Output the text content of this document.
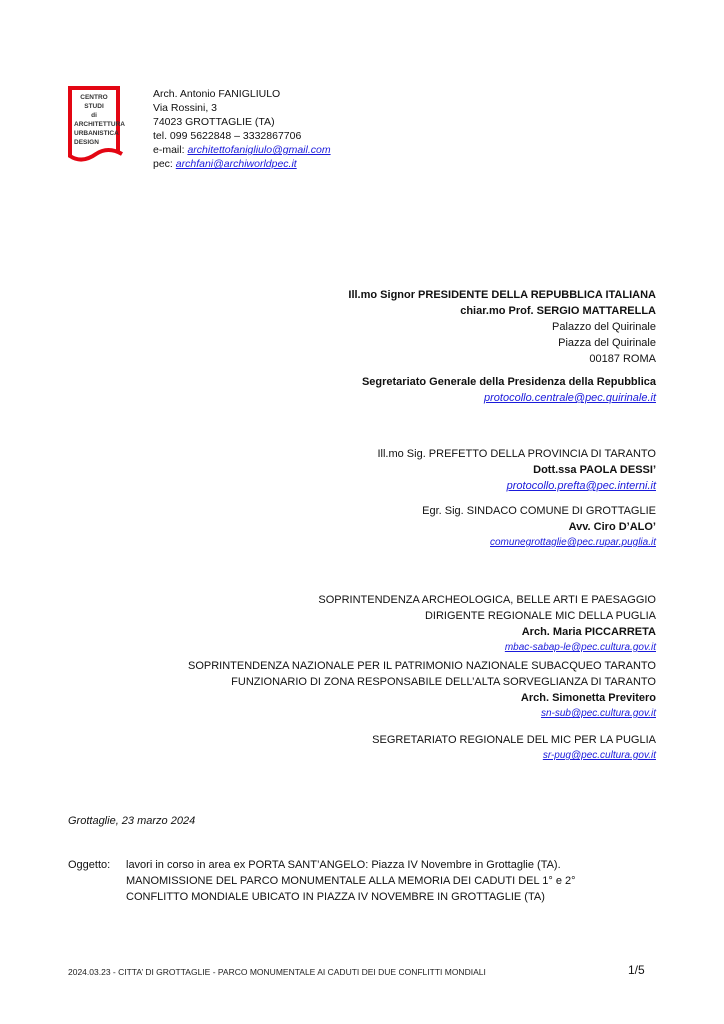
CENTRO STUDI
di
ARCHITETTURA
URBANISTICA
DESIGN
Arch. Antonio FANIGLIULO
Via Rossini, 3
74023 GROTTAGLIE (TA)
tel. 099 5622848 – 3332867706
e-mail: architettofanigliulo@gmail.com
pec: archfani@archiworldpec.it
Ill.mo Signor PRESIDENTE DELLA REPUBBLICA ITALIANA
chiar.mo Prof. SERGIO MATTARELLA
Palazzo del Quirinale
Piazza del Quirinale
00187 ROMA
Segretariato Generale della Presidenza della Repubblica
protocollo.centrale@pec.quirinale.it
Ill.mo Sig. PREFETTO DELLA PROVINCIA DI TARANTO
Dott.ssa PAOLA DESSI’
protocollo.prefta@pec.interni.it
Egr. Sig. SINDACO COMUNE DI GROTTAGLIE
Avv. Ciro D’ALO’
comunegrottaglie@pec.rupar.puglia.it
SOPRINTENDENZA ARCHEOLOGICA, BELLE ARTI E PAESAGGIO
DIRIGENTE REGIONALE MIC DELLA PUGLIA
Arch. Maria PICCARRETA
mbac-sabap-le@pec.cultura.gov.it
SOPRINTENDENZA NAZIONALE PER IL PATRIMONIO NAZIONALE SUBACQUEO TARANTO
FUNZIONARIO DI ZONA RESPONSABILE DELL’ALTA SORVEGLIANZA DI TARANTO
Arch. Simonetta Previtero
sn-sub@pec.cultura.gov.it
SEGRETARIATO REGIONALE DEL MIC PER LA PUGLIA
sr-pug@pec.cultura.gov.it
Grottaglie, 23 marzo 2024
Oggetto: lavori in corso in area ex PORTA SANT’ANGELO: Piazza IV Novembre in Grottaglie (TA).
MANOMISSIONE DEL PARCO MONUMENTALE ALLA MEMORIA DEI CADUTI DEL 1° e 2°
CONFLITTO MONDIALE UBICATO IN PIAZZA IV NOVEMBRE IN GROTTAGLIE (TA)
2024.03.23 - CITTA’ DI GROTTAGLIE - PARCO MONUMENTALE AI CADUTI DEI DUE CONFLITTI MONDIALI	1/5
